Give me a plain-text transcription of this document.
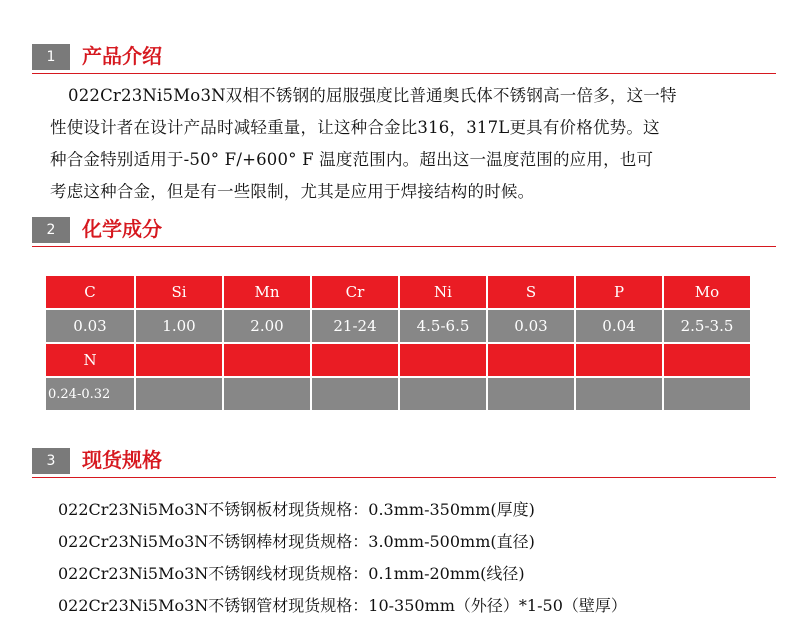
1	产品介绍
022Cr23Ni5Mo3N双相不锈钢的屈服强度比普通奥氏体不锈钢高一倍多，这一特
性使设计者在设计产品时减轻重量，让这种合金比316，317L更具有价格优势。这
种合金特别适用于-50° F/+600° F 温度范围内。超出这一温度范围的应用，也可
考虑这种合金，但是有一些限制，尤其是应用于焊接结构的时候。
2	化学成分
C	Si	Mn	Cr	Ni	S	P	Mo
0.03	1.00	2.00	21-24	4.5-6.5	0.03	0.04	2.5-3.5
N							
0.24-0.32							
3	现货规格
022Cr23Ni5Mo3N不锈钢板材现货规格：0.3mm-350mm(厚度)
022Cr23Ni5Mo3N不锈钢棒材现货规格：3.0mm-500mm(直径)
022Cr23Ni5Mo3N不锈钢线材现货规格：0.1mm-20mm(线径)
022Cr23Ni5Mo3N不锈钢管材现货规格：10-350mm（外径）*1-50（壁厚）
